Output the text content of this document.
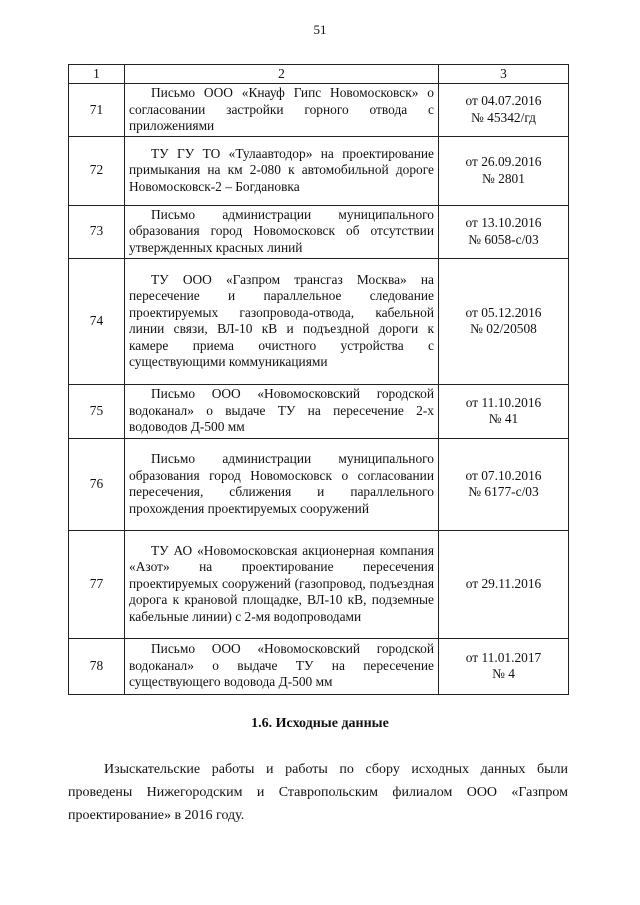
51
1	2	3
71	Письмо ООО «Кнауф Гипс Новомосковск» о согласовании застройки горного отвода с приложениями	от 04.07.2016
№ 45342/гд

72	ТУ ГУ ТО «Тулаавтодор» на проектирование примыкания на км 2-080 к автомобильной дороге Новомосковск-2 – Богдановка	от 26.09.2016
№ 2801

73	Письмо администрации муниципального образования город Новомосковск об отсутствии утвержденных красных линий	от 13.10.2016
№ 6058-с/03

74	ТУ ООО «Газпром трансгаз Москва» на пересечение и параллельное следование проектируемых газопровода-отвода, кабельной линии связи, ВЛ-10 кВ и подъездной дороги к камере приема очистного устройства с существующими коммуникациями	от 05.12.2016
№ 02/20508

75	Письмо ООО «Новомосковский городской водоканал» о выдаче ТУ на пересечение 2-х водоводов Д-500 мм	от 11.10.2016
№ 41

76	Письмо администрации муниципального образования город Новомосковск о согласовании пересечения, сближения и параллельного прохождения проектируемых сооружений	от 07.10.2016
№ 6177-с/03

77	ТУ АО «Новомосковская акционерная компания «Азот» на проектирование пересечения проектируемых сооружений (газопровод, подъездная дорога к крановой площадке, ВЛ-10 кВ, подземные кабельные линии) с 2-мя водопроводами	от 29.11.2016

78	Письмо ООО «Новомосковский городской водоканал» о выдаче ТУ на пересечение существующего водовода Д-500 мм	от 11.01.2017
№ 4
1.6. Исходные данные
Изыскательские работы и работы по сбору исходных данных были проведены Нижегородским и Ставропольским филиалом ООО «Газпром проектирование» в 2016 году.
